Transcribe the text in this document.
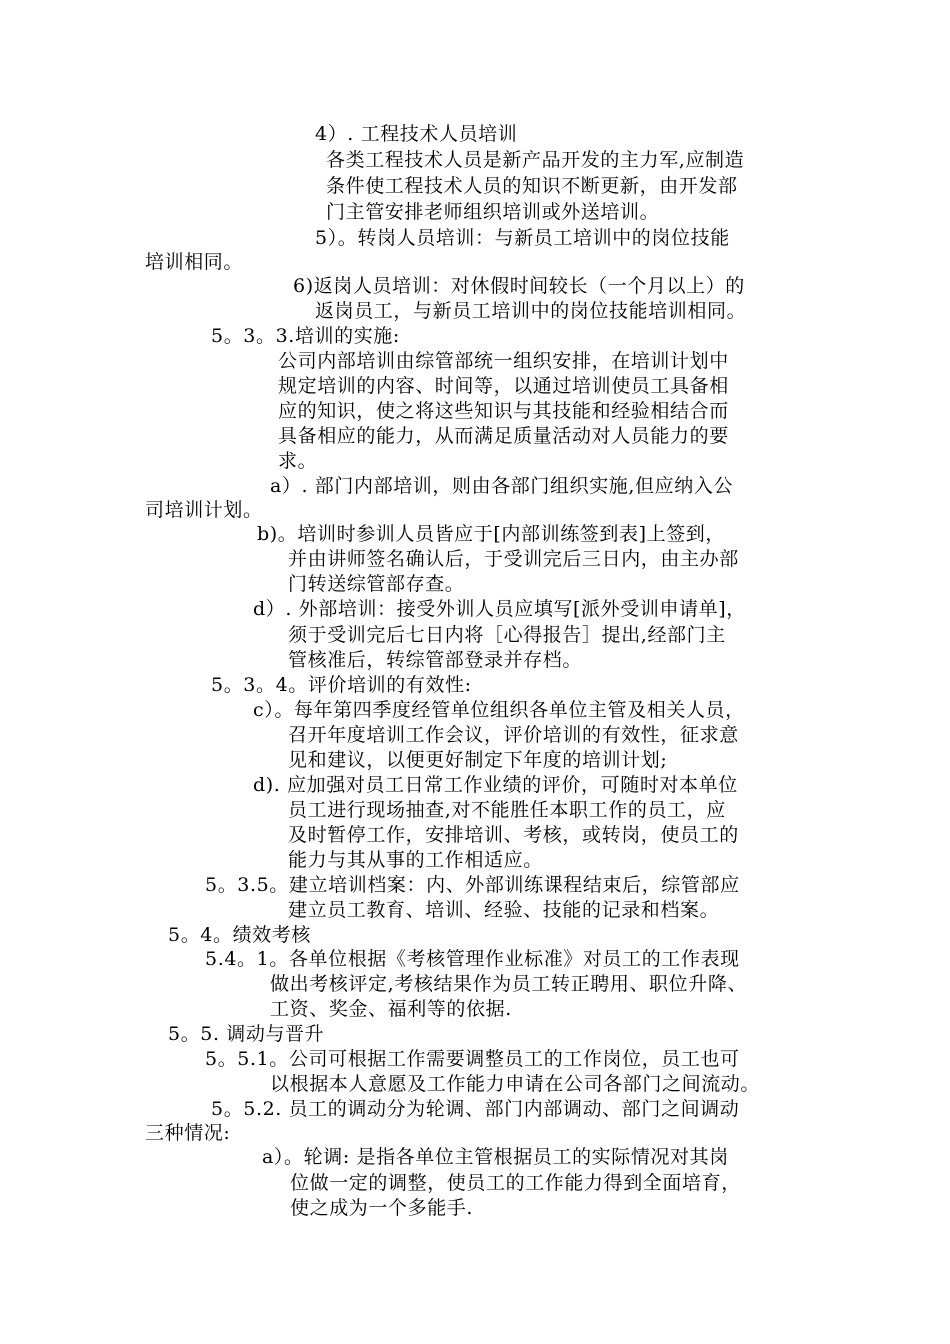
4）. 工程技术人员培训
各类工程技术人员是新产品开发的主力军,应制造
条件使工程技术人员的知识不断更新，由开发部
门主管安排老师组织培训或外送培训。
5）。转岗人员培训：与新员工培训中的岗位技能
培训相同。
6)返岗人员培训：对休假时间较长（一个月以上）的
返岗员工，与新员工培训中的岗位技能培训相同。
5。3。3.培训的实施:
公司内部培训由综管部统一组织安排，在培训计划中
规定培训的内容、时间等，以通过培训使员工具备相
应的知识，使之将这些知识与其技能和经验相结合而
具备相应的能力，从而满足质量活动对人员能力的要
求。
a）. 部门内部培训，则由各部门组织实施,但应纳入公
司培训计划。
b)。培训时参训人员皆应于[内部训练签到表]上签到，
并由讲师签名确认后，于受训完后三日内，由主办部
门转送综管部存查。
d）. 外部培训：接受外训人员应填写[派外受训申请单]，
须于受训完后七日内将［心得报告］提出,经部门主
管核准后，转综管部登录并存档。
5。3。4。评价培训的有效性:
c）。每年第四季度经管单位组织各单位主管及相关人员，
召开年度培训工作会议，评价培训的有效性，征求意
见和建议，以便更好制定下年度的培训计划;
d). 应加强对员工日常工作业绩的评价，可随时对本单位
员工进行现场抽查,对不能胜任本职工作的员工，应
及时暂停工作，安排培训、考核，或转岗，使员工的
能力与其从事的工作相适应。
5。3.5。建立培训档案：内、外部训练课程结束后，综管部应
建立员工教育、培训、经验、技能的记录和档案。
5。4。绩效考核
5.4。1。各单位根据《考核管理作业标准》对员工的工作表现
做出考核评定,考核结果作为员工转正聘用、职位升降、
工资、奖金、福利等的依据.
5。5. 调动与晋升
5。5.1。公司可根据工作需要调整员工的工作岗位，员工也可
以根据本人意愿及工作能力申请在公司各部门之间流动。
5。5.2. 员工的调动分为轮调、部门内部调动、部门之间调动
三种情况:
a）。轮调: 是指各单位主管根据员工的实际情况对其岗
位做一定的调整，使员工的工作能力得到全面培育，
使之成为一个多能手.
